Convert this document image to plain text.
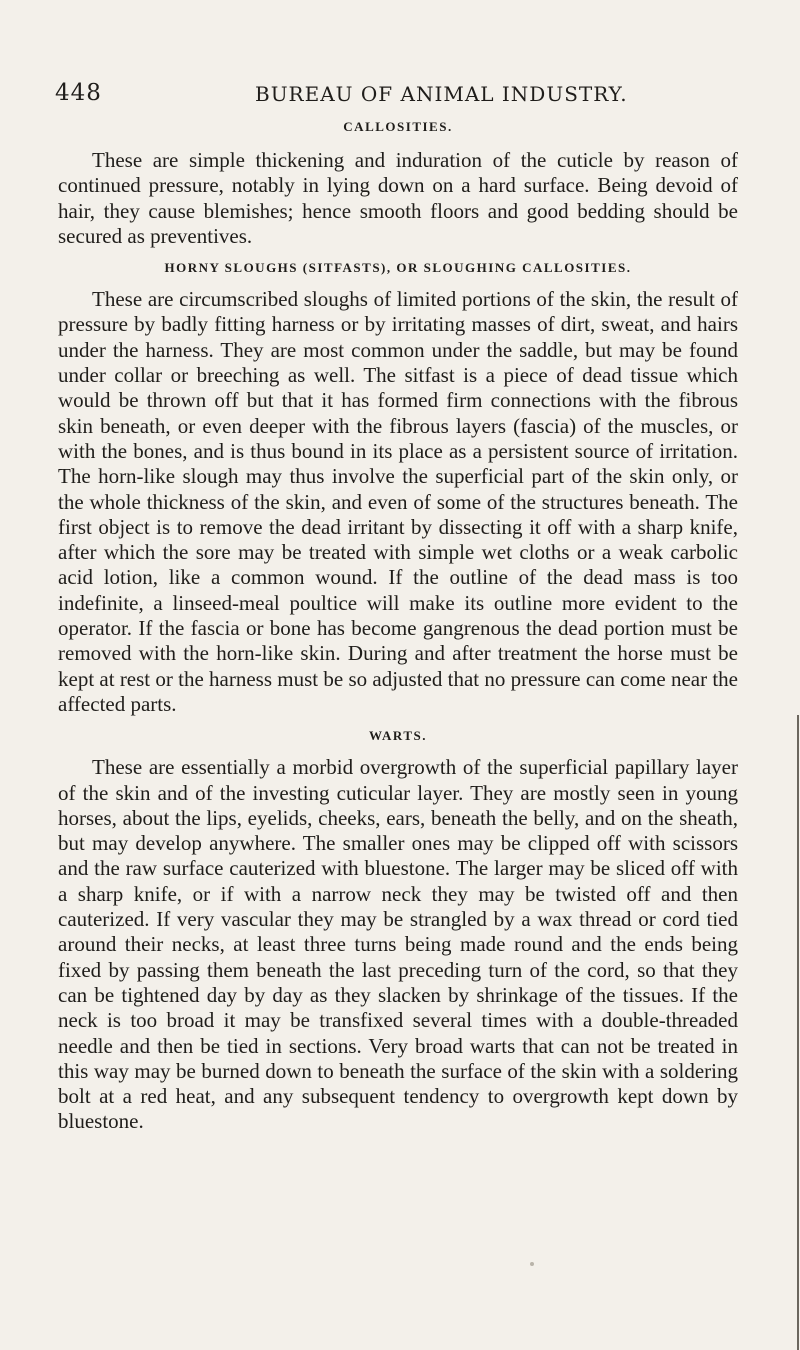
448	BUREAU OF ANIMAL INDUSTRY.
CALLOSITIES.

These are simple thickening and induration of the cuticle by reason of continued pressure, notably in lying down on a hard surface. Being devoid of hair, they cause blemishes; hence smooth floors and good bedding should be secured as preventives.

HORNY SLOUGHS (SITFASTS), OR SLOUGHING CALLOSITIES.

These are circumscribed sloughs of limited portions of the skin, the result of pressure by badly fitting harness or by irritating masses of dirt, sweat, and hairs under the harness. They are most common under the saddle, but may be found under collar or breeching as well. The sitfast is a piece of dead tissue which would be thrown off but that it has formed firm connections with the fibrous skin beneath, or even deeper with the fibrous layers (fascia) of the muscles, or with the bones, and is thus bound in its place as a persistent source of irritation. The horn-like slough may thus involve the superficial part of the skin only, or the whole thickness of the skin, and even of some of the structures beneath. The first object is to remove the dead irritant by dissecting it off with a sharp knife, after which the sore may be treated with simple wet cloths or a weak carbolic acid lotion, like a common wound. If the outline of the dead mass is too indefinite, a linseed-meal poultice will make its outline more evident to the operator. If the fascia or bone has become gangrenous the dead portion must be removed with the horn-like skin. During and after treatment the horse must be kept at rest or the harness must be so adjusted that no pressure can come near the affected parts.

WARTS.

These are essentially a morbid overgrowth of the superficial papillary layer of the skin and of the investing cuticular layer. They are mostly seen in young horses, about the lips, eyelids, cheeks, ears, beneath the belly, and on the sheath, but may develop anywhere. The smaller ones may be clipped off with scissors and the raw surface cauterized with bluestone. The larger may be sliced off with a sharp knife, or if with a narrow neck they may be twisted off and then cauterized. If very vascular they may be strangled by a wax thread or cord tied around their necks, at least three turns being made round and the ends being fixed by passing them beneath the last preceding turn of the cord, so that they can be tightened day by day as they slacken by shrinkage of the tissues. If the neck is too broad it may be transfixed several times with a double-threaded needle and then be tied in sections. Very broad warts that can not be treated in this way may be burned down to beneath the surface of the skin with a soldering bolt at a red heat, and any subsequent tendency to overgrowth kept down by bluestone.
